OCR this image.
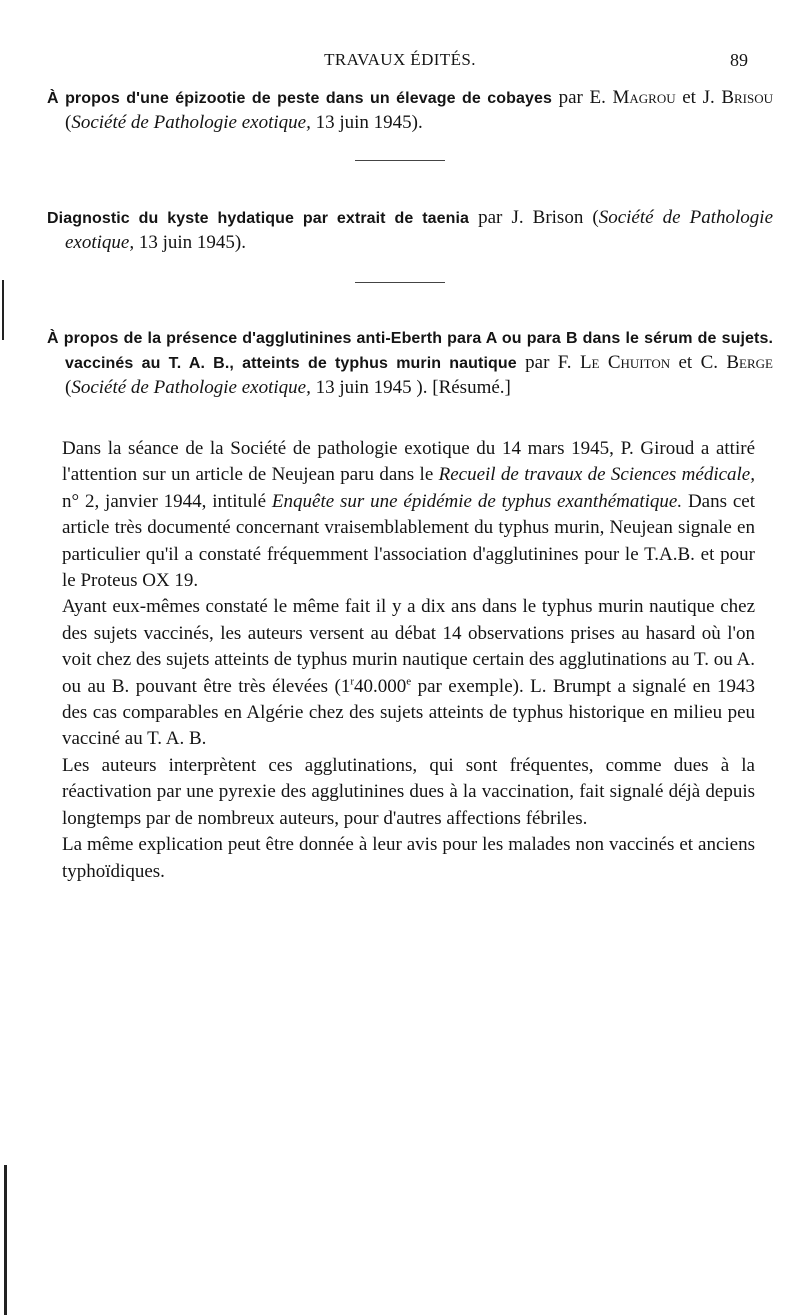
TRAVAUX ÉDITÉS.	89
À propos d'une épizootie de peste dans un élevage de cobayes par E. Magrou et J. Brisou (Société de Pathologie exotique, 13 juin 1945).
Diagnostic du kyste hydatique par extrait de taenia par J. Brison (Société de Pathologie exotique, 13 juin 1945).
À propos de la présence d'agglutinines anti-Eberth para A ou para B dans le sérum de sujets. vaccinés au T. A. B., atteints de typhus murin nautique par F. Le Chuiton et C. Berge (Société de Pathologie exotique, 13 juin 1945 ). [Résumé.]

Dans la séance de la Société de pathologie exotique du 14 mars 1945, P. Giroud a attiré l'attention sur un article de Neujean paru dans le Recueil de travaux de Sciences médicale, n° 2, janvier 1944, intitulé Enquête sur une épidémie de typhus exanthématique. Dans cet article très documenté concernant vraisemblablement du typhus murin, Neujean signale en particulier qu'il a constaté fréquemment l'association d'agglutinines pour le T.A.B. et pour le Proteus OX 19.

Ayant eux-mêmes constaté le même fait il y a dix ans dans le typhus murin nautique chez des sujets vaccinés, les auteurs versent au débat 14 observations prises au hasard où l'on voit chez des sujets atteints de typhus murin nautique certain des agglutinations au T. ou A. ou au B. pouvant être très élevées (1$^r$40.000e par exemple). L. Brumpt a signalé en 1943 des cas comparables en Algérie chez des sujets atteints de typhus historique en milieu peu vacciné au T. A. B.

Les auteurs interprètent ces agglutinations, qui sont fréquentes, comme dues à la réactivation par une pyrexie des agglutinines dues à la vaccination, fait signalé déjà depuis longtemps par de nombreux auteurs, pour d'autres affections fébriles.

La même explication peut être donnée à leur avis pour les malades non vaccinés et anciens typhoïdiques.
